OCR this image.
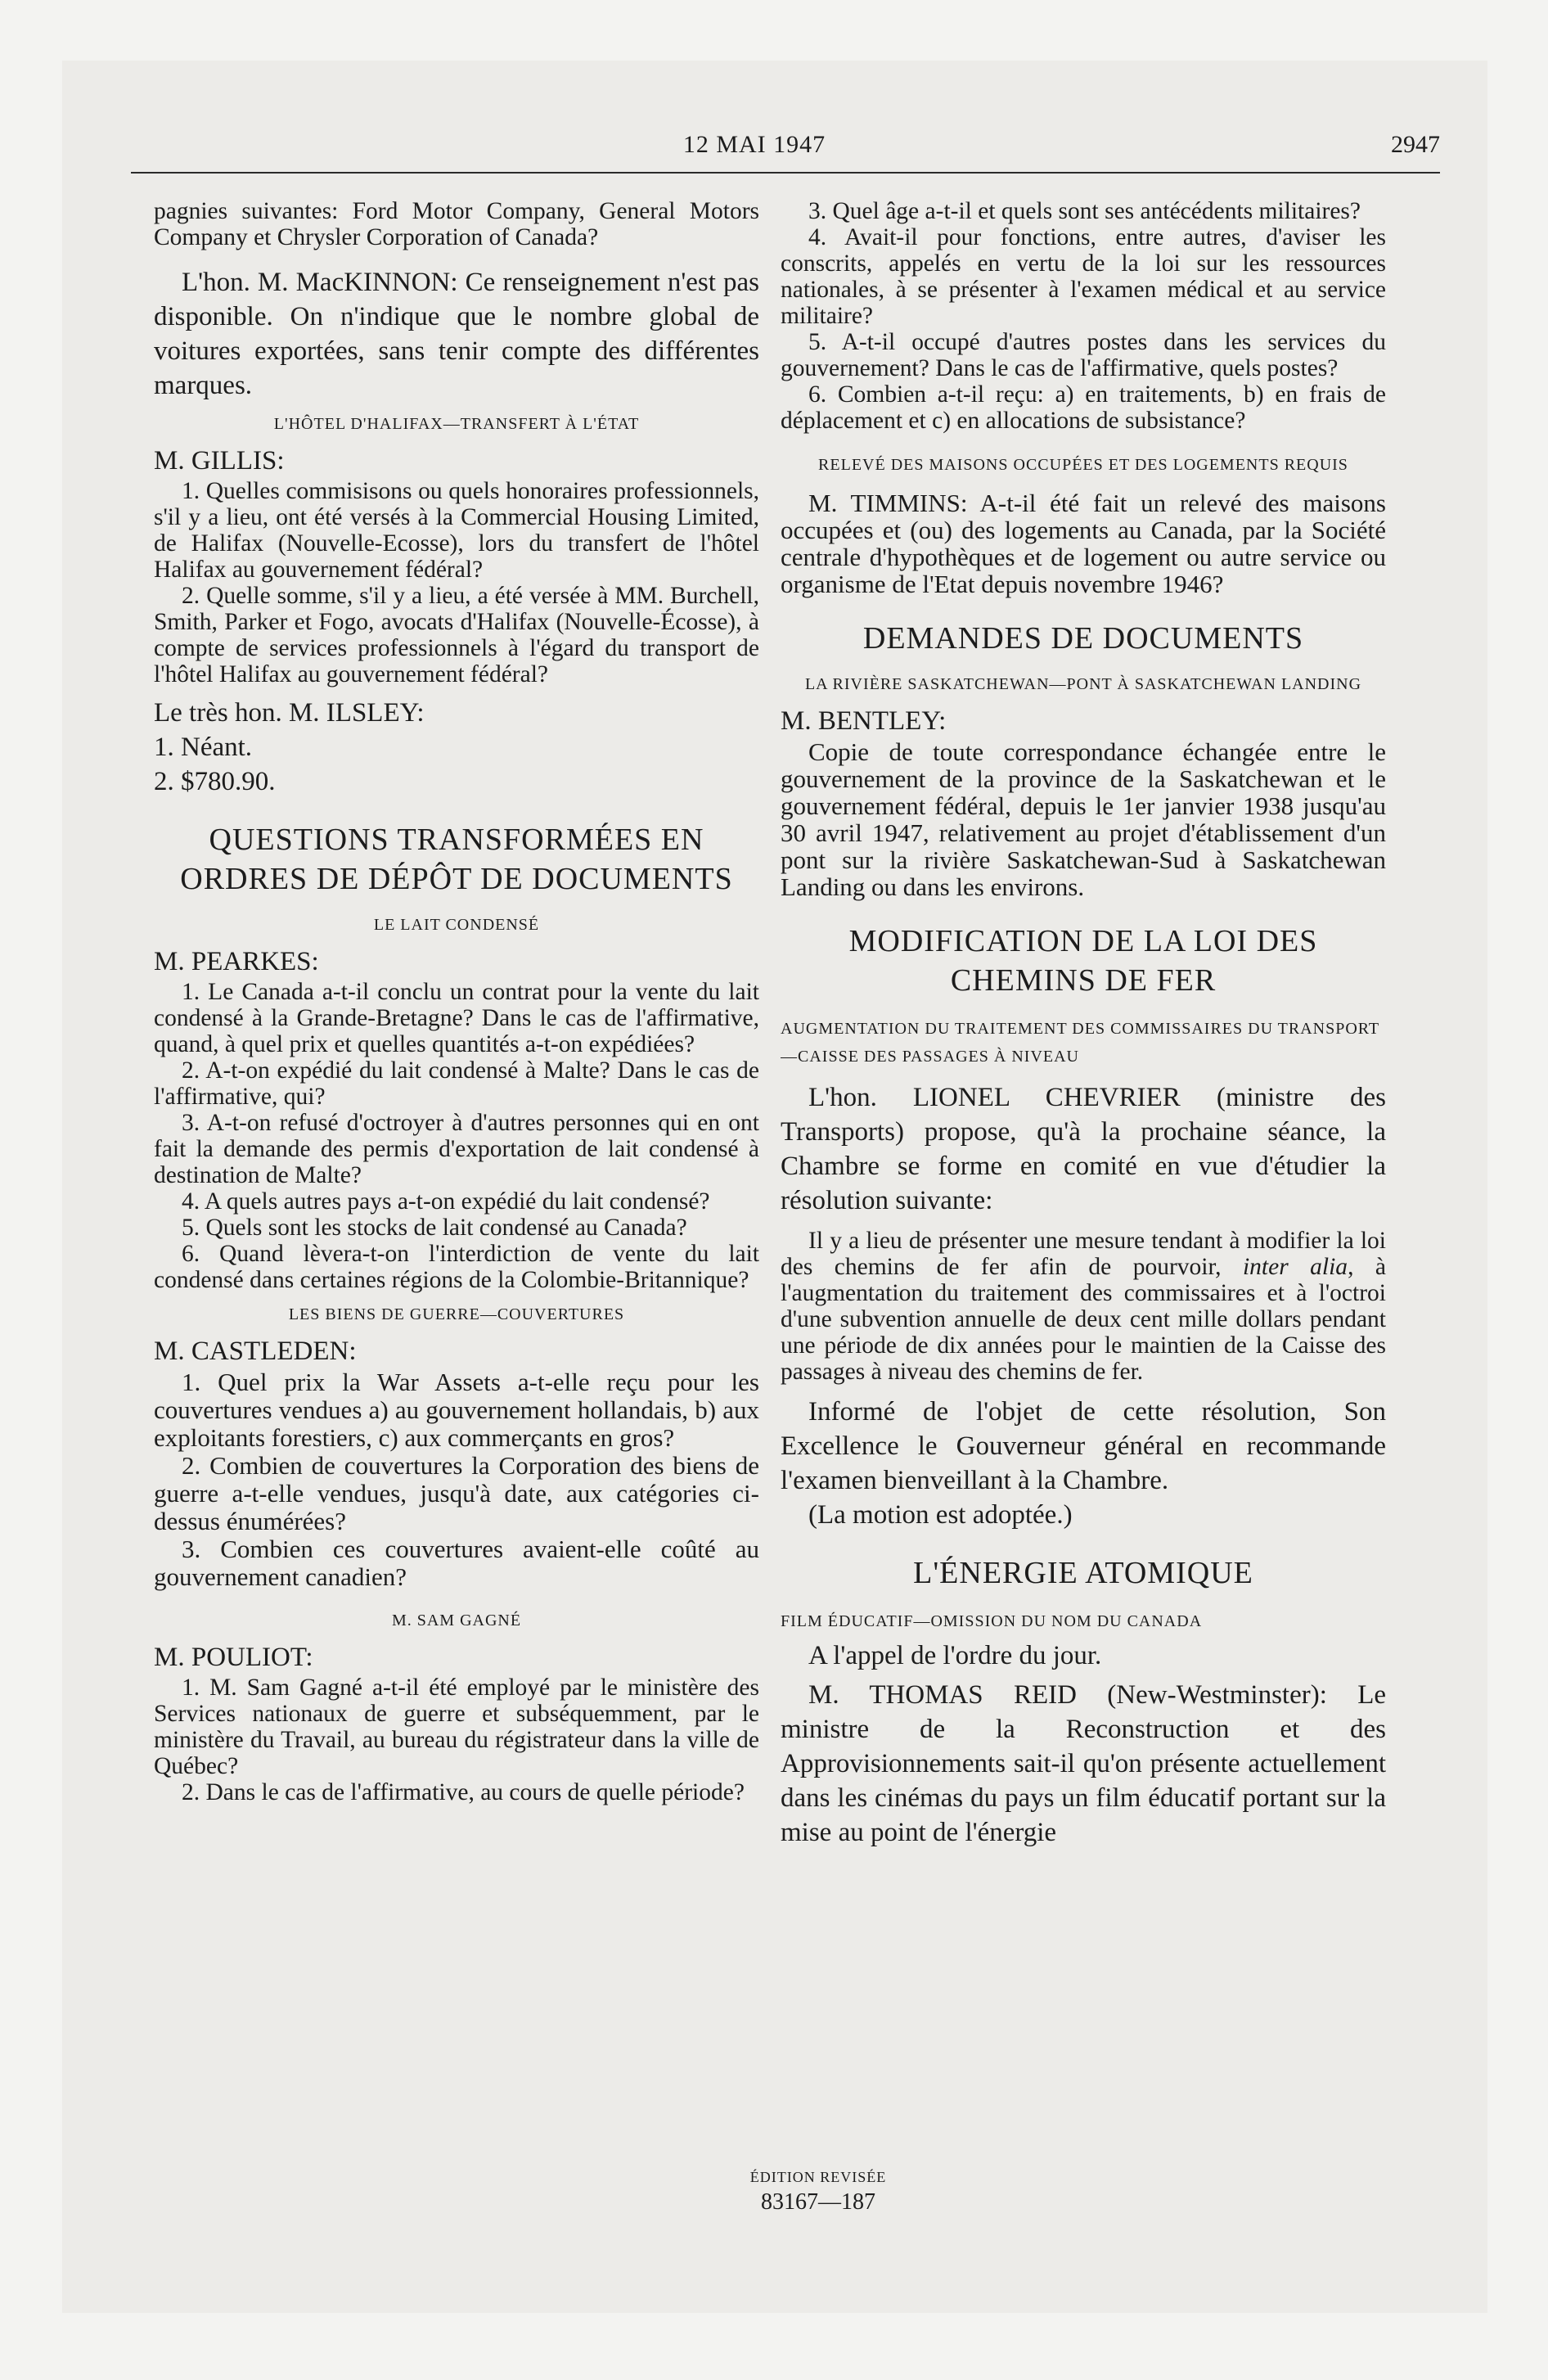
12 MAI 1947	2947

pagnies suivantes: Ford Motor Company, General Motors Company et Chrysler Corporation of Canada?

L'hon. M. MacKINNON: Ce renseignement n'est pas disponible. On n'indique que le nombre global de voitures exportées, sans tenir compte des différentes marques.

L'HÔTEL D'HALIFAX—TRANSFERT À L'ÉTAT

M. GILLIS:

1. Quelles commisisons ou quels honoraires professionnels, s'il y a lieu, ont été versés à la Commercial Housing Limited, de Halifax (Nouvelle-Ecosse), lors du transfert de l'hôtel Halifax au gouvernement fédéral?

2. Quelle somme, s'il y a lieu, a été versée à MM. Burchell, Smith, Parker et Fogo, avocats d'Halifax (Nouvelle-Écosse), à compte de services professionnels à l'égard du transport de l'hôtel Halifax au gouvernement fédéral?

Le très hon. M. ILSLEY:

1. Néant.

2. $780.90.

QUESTIONS TRANSFORMÉES EN ORDRES DE DÉPÔT DE DOCUMENTS
LE LAIT CONDENSÉ

M. PEARKES:

1. Le Canada a-t-il conclu un contrat pour la vente du lait condensé à la Grande-Bretagne? Dans le cas de l'affirmative, quand, à quel prix et quelles quantités a-t-on expédiées?

2. A-t-on expédié du lait condensé à Malte? Dans le cas de l'affirmative, qui?

3. A-t-on refusé d'octroyer à d'autres personnes qui en ont fait la demande des permis d'exportation de lait condensé à destination de Malte?

4. A quels autres pays a-t-on expédié du lait condensé?

5. Quels sont les stocks de lait condensé au Canada?

6. Quand lèvera-t-on l'interdiction de vente du lait condensé dans certaines régions de la Colombie-Britannique?

LES BIENS DE GUERRE—COUVERTURES

M. CASTLEDEN:

1. Quel prix la War Assets a-t-elle reçu pour les couvertures vendues a) au gouvernement hollandais, b) aux exploitants forestiers, c) aux commerçants en gros?

2. Combien de couvertures la Corporation des biens de guerre a-t-elle vendues, jusqu'à date, aux catégories ci-dessus énumérées?

3. Combien ces couvertures avaient-elle coûté au gouvernement canadien?

M. SAM GAGNÉ

M. POULIOT:

1. M. Sam Gagné a-t-il été employé par le ministère des Services nationaux de guerre et subséquemment, par le ministère du Travail, au bureau du régistrateur dans la ville de Québec?

2. Dans le cas de l'affirmative, au cours de quelle période?

3. Quel âge a-t-il et quels sont ses antécédents militaires?

4. Avait-il pour fonctions, entre autres, d'aviser les conscrits, appelés en vertu de la loi sur les ressources nationales, à se présenter à l'examen médical et au service militaire?

5. A-t-il occupé d'autres postes dans les services du gouvernement? Dans le cas de l'affirmative, quels postes?

6. Combien a-t-il reçu: a) en traitements, b) en frais de déplacement et c) en allocations de subsistance?

RELEVÉ DES MAISONS OCCUPÉES ET DES LOGEMENTS REQUIS

M. TIMMINS: A-t-il été fait un relevé des maisons occupées et (ou) des logements au Canada, par la Société centrale d'hypothèques et de logement ou autre service ou organisme de l'Etat depuis novembre 1946?

DEMANDES DE DOCUMENTS
LA RIVIÈRE SASKATCHEWAN—PONT À SASKATCHEWAN LANDING

M. BENTLEY:

Copie de toute correspondance échangée entre le gouvernement de la province de la Saskatchewan et le gouvernement fédéral, depuis le 1er janvier 1938 jusqu'au 30 avril 1947, relativement au projet d'établissement d'un pont sur la rivière Saskatchewan-Sud à Saskatchewan Landing ou dans les environs.

MODIFICATION DE LA LOI DES CHEMINS DE FER
AUGMENTATION DU TRAITEMENT DES COMMISSAIRES DU TRANSPORT—CAISSE DES PASSAGES À NIVEAU

L'hon. LIONEL CHEVRIER (ministre des Transports) propose, qu'à la prochaine séance, la Chambre se forme en comité en vue d'étudier la résolution suivante:

Il y a lieu de présenter une mesure tendant à modifier la loi des chemins de fer afin de pourvoir, inter alia, à l'augmentation du traitement des commissaires et à l'octroi d'une subvention annuelle de deux cent mille dollars pendant une période de dix années pour le maintien de la Caisse des passages à niveau des chemins de fer.

Informé de l'objet de cette résolution, Son Excellence le Gouverneur général en recommande l'examen bienveillant à la Chambre.

(La motion est adoptée.)

L'ÉNERGIE ATOMIQUE
FILM ÉDUCATIF—OMISSION DU NOM DU CANADA

A l'appel de l'ordre du jour.

M. THOMAS REID (New-Westminster): Le ministre de la Reconstruction et des Approvisionnements sait-il qu'on présente actuellement dans les cinémas du pays un film éducatif portant sur la mise au point de l'énergie

ÉDITION REVISÉE
83167—187
